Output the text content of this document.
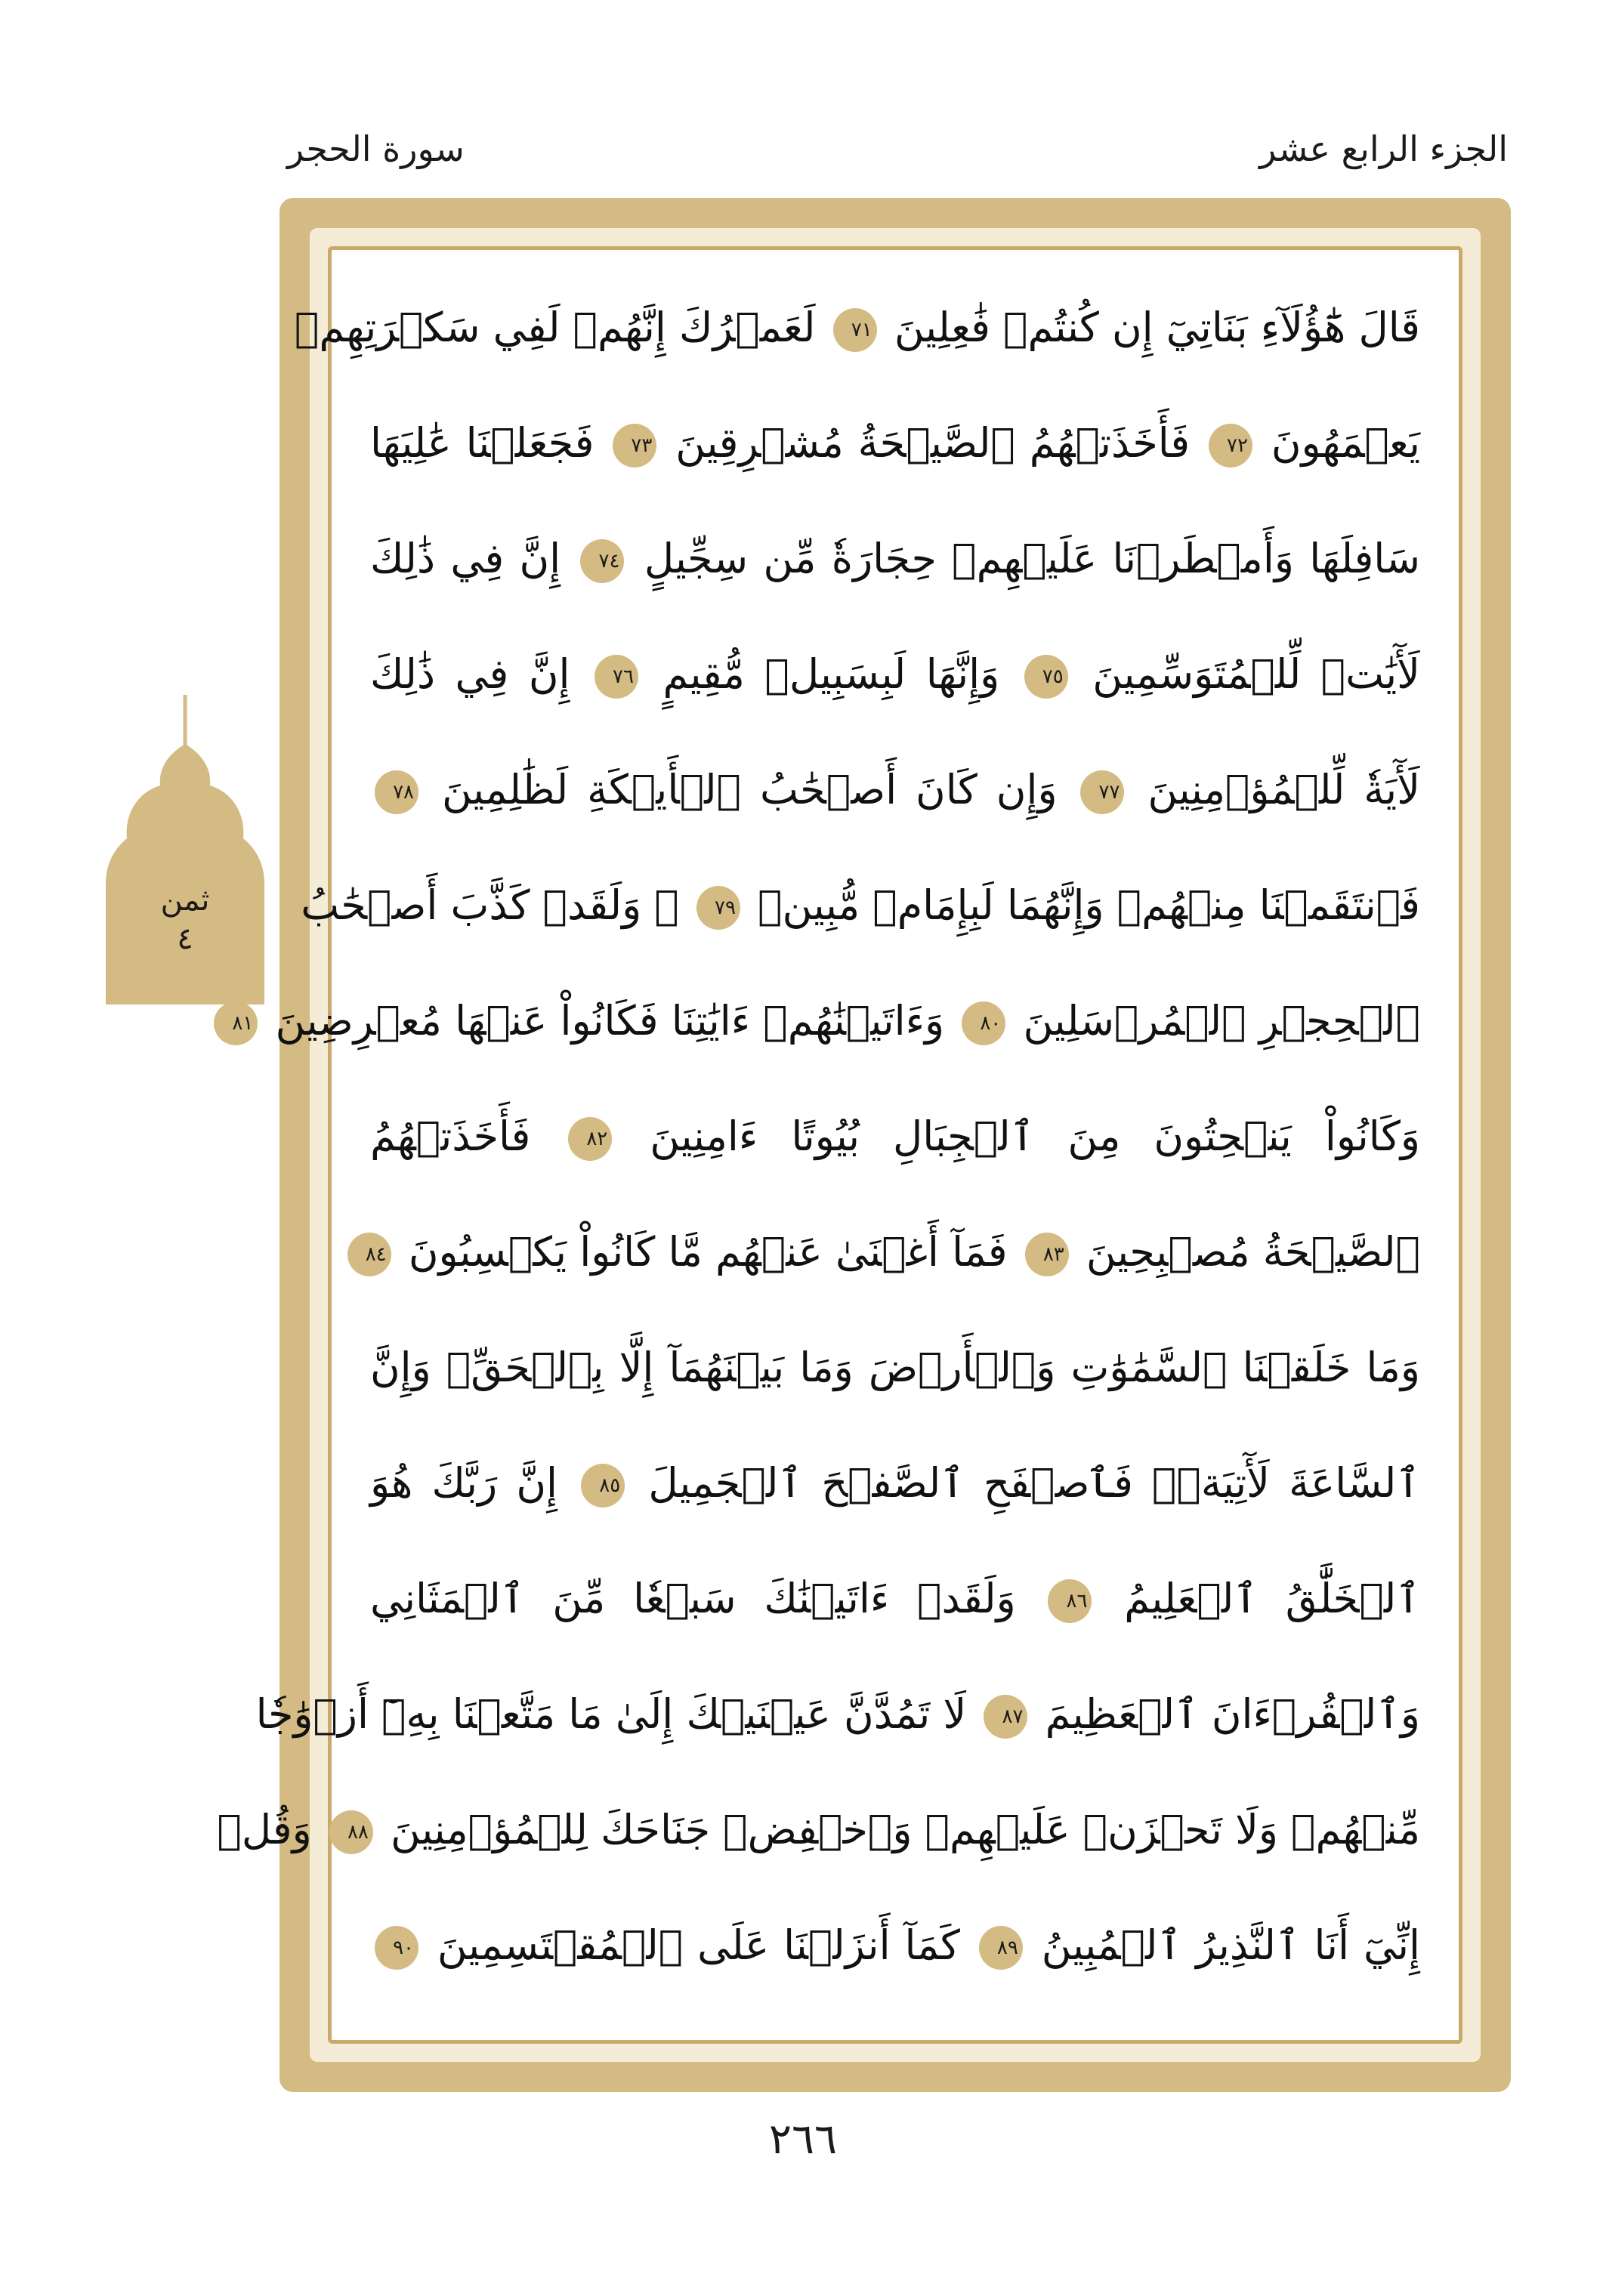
الجزء الرابع عشر
سورة الحجر
قَالَ هَٰٓؤُلَآءِ بَنَاتِيٓ إِن كُنتُمۡ فَٰعِلِينَ ٧١ لَعَمۡرُكَ إِنَّهُمۡ لَفِي سَكۡرَتِهِمۡ
يَعۡمَهُونَ ٧٢ فَأَخَذَتۡهُمُ ٱلصَّيۡحَةُ مُشۡرِقِينَ ٧٣ فَجَعَلۡنَا عَٰلِيَهَا
سَافِلَهَا وَأَمۡطَرۡنَا عَلَيۡهِمۡ حِجَارَةٗ مِّن سِجِّيلٍ ٧٤ إِنَّ فِي ذَٰلِكَ
لَأٓيَٰتٖ لِّلۡمُتَوَسِّمِينَ ٧٥ وَإِنَّهَا لَبِسَبِيلٖ مُّقِيمٍ ٧٦ إِنَّ فِي ذَٰلِكَ
لَأٓيَةٗ لِّلۡمُؤۡمِنِينَ ٧٧ وَإِن كَانَ أَصۡحَٰبُ ٱلۡأَيۡكَةِ لَظَٰلِمِينَ ٧٨
فَٱنتَقَمۡنَا مِنۡهُمۡ وَإِنَّهُمَا لَبِإِمَامٖ مُّبِينٖ ٧٩ ۞ وَلَقَدۡ كَذَّبَ أَصۡحَٰبُ
ٱلۡحِجۡرِ ٱلۡمُرۡسَلِينَ ٨٠ وَءَاتَيۡنَٰهُمۡ ءَايَٰتِنَا فَكَانُواْ عَنۡهَا مُعۡرِضِينَ ٨١
وَكَانُواْ يَنۡحِتُونَ مِنَ ٱلۡجِبَالِ بُيُوتًا ءَامِنِينَ ٨٢ فَأَخَذَتۡهُمُ
ٱلصَّيۡحَةُ مُصۡبِحِينَ ٨٣ فَمَآ أَغۡنَىٰ عَنۡهُم مَّا كَانُواْ يَكۡسِبُونَ ٨٤
وَمَا خَلَقۡنَا ٱلسَّمَٰوَٰتِ وَٱلۡأَرۡضَ وَمَا بَيۡنَهُمَآ إِلَّا بِٱلۡحَقِّۗ وَإِنَّ
ٱلسَّاعَةَ لَأٓتِيَةٞۖ فَٱصۡفَحِ ٱلصَّفۡحَ ٱلۡجَمِيلَ ٨٥ إِنَّ رَبَّكَ هُوَ
ٱلۡخَلَّٰقُ ٱلۡعَلِيمُ ٨٦ وَلَقَدۡ ءَاتَيۡنَٰكَ سَبۡعٗا مِّنَ ٱلۡمَثَانِي
وَٱلۡقُرۡءَانَ ٱلۡعَظِيمَ ٨٧ لَا تَمُدَّنَّ عَيۡنَيۡكَ إِلَىٰ مَا مَتَّعۡنَا بِهِۦٓ أَزۡوَٰجٗا
مِّنۡهُمۡ وَلَا تَحۡزَنۡ عَلَيۡهِمۡ وَٱخۡفِضۡ جَنَاحَكَ لِلۡمُؤۡمِنِينَ ٨٨ وَقُلۡ
إِنِّيٓ أَنَا ٱلنَّذِيرُ ٱلۡمُبِينُ ٨٩ كَمَآ أَنزَلۡنَا عَلَى ٱلۡمُقۡتَسِمِينَ ٩٠
ثمن
٤
٢٦٦
